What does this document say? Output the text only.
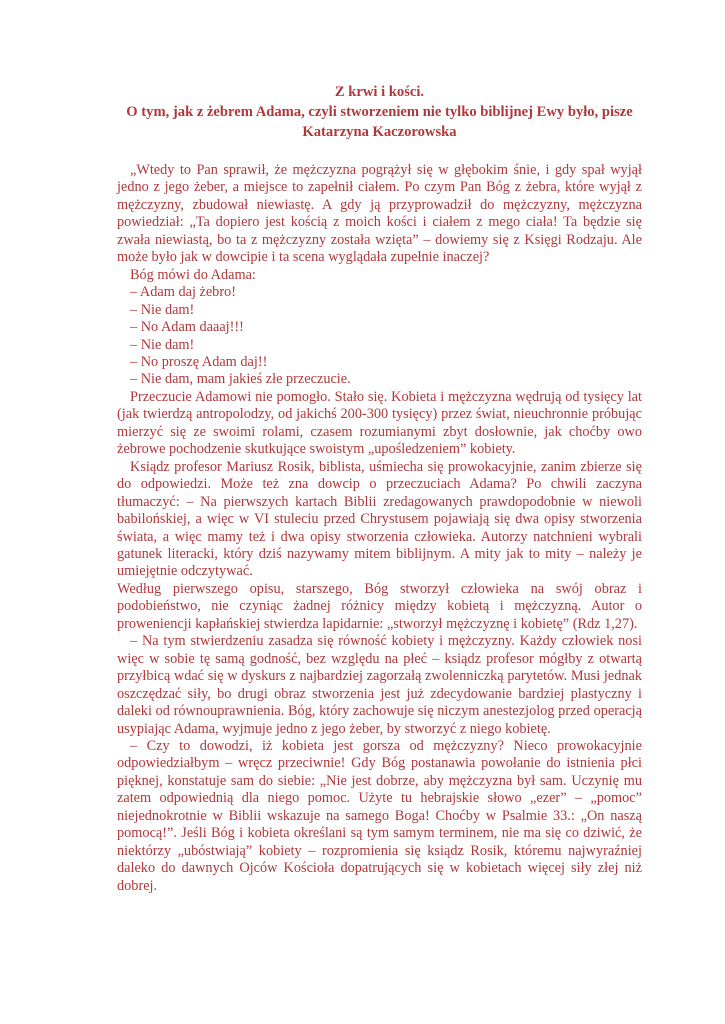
Z krwi i kości.

O tym, jak z żebrem Adama, czyli stworzeniem nie tylko biblijnej Ewy było, pisze

Katarzyna Kaczorowska

„Wtedy to Pan sprawił, że mężczyzna pogrążył się w głębokim śnie, i gdy spał wyjął jedno z jego żeber, a miejsce to zapełnił ciałem. Po czym Pan Bóg z żebra, które wyjął z mężczyzny, zbudował niewiastę. A gdy ją przyprowadził do mężczyzny, mężczyzna powiedział: „Ta dopiero jest kością z moich kości i ciałem z mego ciała! Ta będzie się zwała niewiastą, bo ta z mężczyzny została wzięta” – dowiemy się z Księgi Rodzaju. Ale może było jak w dowcipie i ta scena wyglądała zupełnie inaczej?

Bóg mówi do Adama:

– Adam daj żebro!

– Nie dam!

– No Adam daaaj!!!

– Nie dam!

– No proszę Adam daj!!

– Nie dam, mam jakieś złe przeczucie.

Przeczucie Adamowi nie pomogło. Stało się. Kobieta i mężczyzna wędrują od tysięcy lat (jak twierdzą antropolodzy, od jakichś 200-300 tysięcy) przez świat, nieuchronnie próbując mierzyć się ze swoimi rolami, czasem rozumianymi zbyt dosłownie, jak choćby owo żebrowe pochodzenie skutkujące swoistym „upośledzeniem” kobiety.

Ksiądz profesor Mariusz Rosik, biblista, uśmiecha się prowokacyjnie, zanim zbierze się do odpowiedzi. Może też zna dowcip o przeczuciach Adama? Po chwili zaczyna tłumaczyć: – Na pierwszych kartach Biblii zredagowanych prawdopodobnie w niewoli babilońskiej, a więc w VI stuleciu przed Chrystusem pojawiają się dwa opisy stworzenia świata, a więc mamy też i dwa opisy stworzenia człowieka. Autorzy natchnieni wybrali gatunek literacki, który dziś nazywamy mitem biblijnym. A mity jak to mity – należy je umiejętnie odczytywać.

Według pierwszego opisu, starszego, Bóg stworzył człowieka na swój obraz i podobieństwo, nie czyniąc żadnej różnicy między kobietą i mężczyzną. Autor o proweniencji kapłańskiej stwierdza lapidarnie: „stworzył mężczyznę i kobietę” (Rdz 1,27).

– Na tym stwierdzeniu zasadza się równość kobiety i mężczyzny. Każdy człowiek nosi więc w sobie tę samą godność, bez względu na płeć – ksiądz profesor mógłby z otwartą przyłbicą wdać się w dyskurs z najbardziej zagorzałą zwolenniczką parytetów. Musi jednak oszczędzać siły, bo drugi obraz stworzenia jest już zdecydowanie bardziej plastyczny i daleki od równouprawnienia. Bóg, który zachowuje się niczym anestezjolog przed operacją usypiając Adama, wyjmuje jedno z jego żeber, by stworzyć z niego kobietę.

– Czy to dowodzi, iż kobieta jest gorsza od mężczyzny? Nieco prowokacyjnie odpowiedziałbym – wręcz przeciwnie! Gdy Bóg postanawia powołanie do istnienia płci pięknej, konstatuje sam do siebie: „Nie jest dobrze, aby mężczyzna był sam. Uczynię mu zatem odpowiednią dla niego pomoc. Użyte tu hebrajskie słowo „ezer” – „pomoc” niejednokrotnie w Biblii wskazuje na samego Boga! Choćby w Psalmie 33.: „On naszą pomocą!”. Jeśli Bóg i kobieta określani są tym samym terminem, nie ma się co dziwić, że niektórzy „ubóstwiają” kobiety – rozpromienia się ksiądz Rosik, któremu najwyraźniej daleko do dawnych Ojców Kościoła dopatrujących się w kobietach więcej siły złej niż dobrej.
